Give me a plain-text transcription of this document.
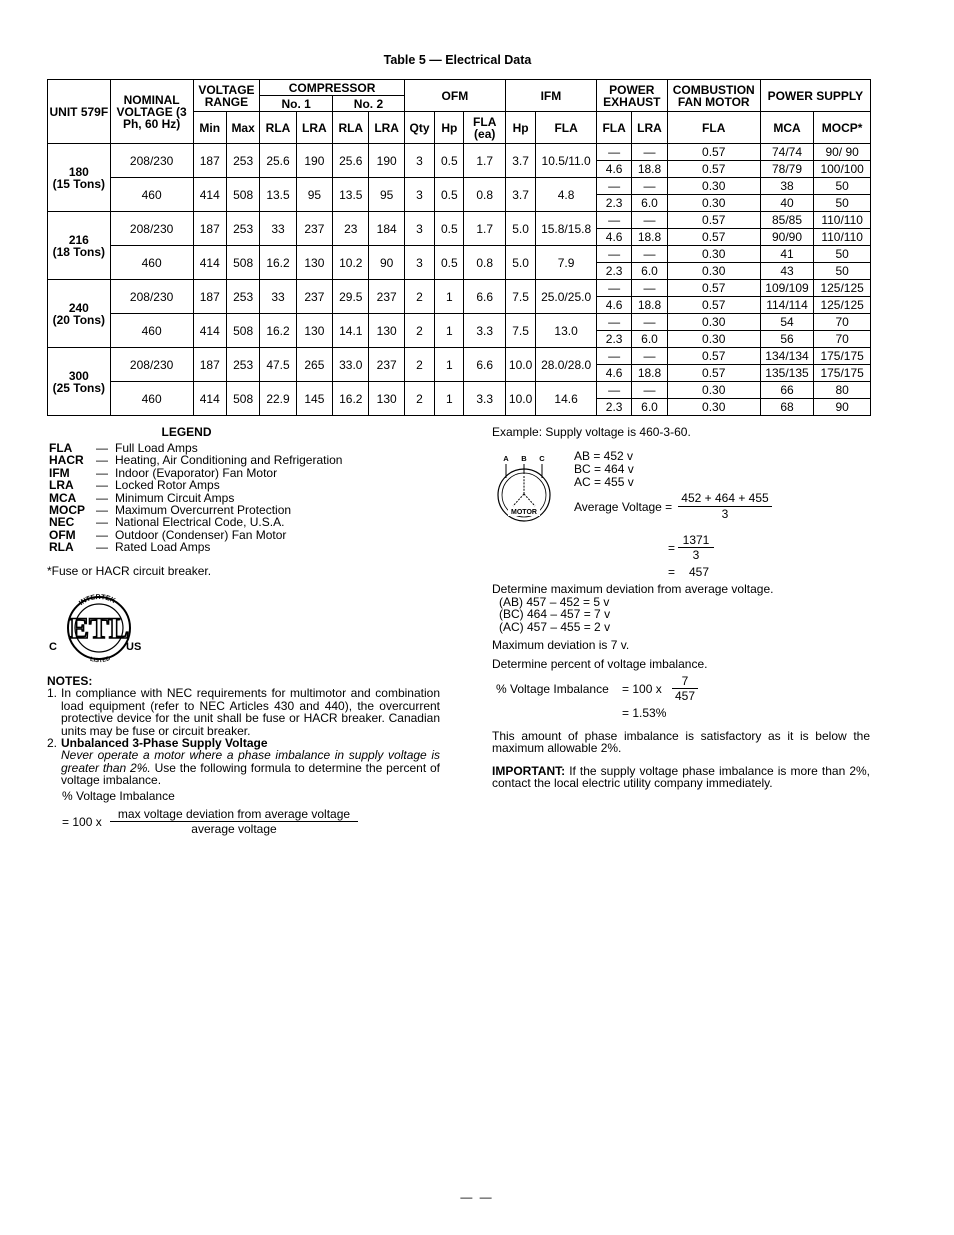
Table 5 — Electrical Data
UNIT 579F	NOMINAL VOLTAGE (3 Ph, 60 Hz)	VOLTAGE RANGE		COMPRESSOR				OFM			IFM		POWER EXHAUST		COMBUSTION FAN MOTOR	POWER SUPPLY	
				No. 1		No. 2											
		Min	Max	RLA	LRA	RLA	LRA	Qty	Hp	FLA (ea)	Hp	FLA	FLA	LRA	FLA	MCA	MOCP*

180
(15 Tons)	208/230	187	253	25.6	190	25.6	190	3	0.5	1.7	3.7	10.5/11.0	—	—	0.57	74/74	90/ 90
													4.6	18.8	0.57	78/79	100/100
	460	414	508	13.5	95	13.5	95	3	0.5	0.8	3.7	4.8	—	—	0.30	38	50
													2.3	6.0	0.30	40	50

216
(18 Tons)	208/230	187	253	33	237	23	184	3	0.5	1.7	5.0	15.8/15.8	—	—	0.57	85/85	110/110
													4.6	18.8	0.57	90/90	110/110
	460	414	508	16.2	130	10.2	90	3	0.5	0.8	5.0	7.9	—	—	0.30	41	50
													2.3	6.0	0.30	43	50

240
(20 Tons)	208/230	187	253	33	237	29.5	237	2	1	6.6	7.5	25.0/25.0	—	—	0.57	109/109	125/125
													4.6	18.8	0.57	114/114	125/125
	460	414	508	16.2	130	14.1	130	2	1	3.3	7.5	13.0	—	—	0.30	54	70
													2.3	6.0	0.30	56	70

300
(25 Tons)	208/230	187	253	47.5	265	33.0	237	2	1	6.6	10.0	28.0/28.0	—	—	0.57	134/134	175/175
													4.6	18.8	0.57	135/135	175/175
	460	414	508	22.9	145	16.2	130	2	1	3.3	10.0	14.6	—	—	0.30	66	80
													2.3	6.0	0.30	68	90
LEGEND
FLA — Full Load Amps
HACR — Heating, Air Conditioning and Refrigeration
IFM — Indoor (Evaporator) Fan Motor
LRA — Locked Rotor Amps
MCA — Minimum Circuit Amps
MOCP — Maximum Overcurrent Protection
NEC — National Electrical Code, U.S.A.
OFM — Outdoor (Condenser) Fan Motor
RLA — Rated Load Amps
*Fuse or HACR circuit breaker.
INTERTEK
LISTED
ETL
C	US
NOTES:
1. In compliance with NEC requirements for multimotor and combination load equipment (refer to NEC Articles 430 and 440), the overcurrent protective device for the unit shall be fuse or HACR breaker. Canadian units may be fuse or circuit breaker.
2. Unbalanced 3-Phase Supply Voltage
Never operate a motor where a phase imbalance in supply voltage is greater than 2%. Use the following formula to determine the percent of voltage imbalance.
% Voltage Imbalance
= 100 x
max voltage deviation from average voltage
average voltage
Example: Supply voltage is 460-3-60.
A B C
MOTOR
AB = 452 v
BC = 464 v
AC = 455 v
Average Voltage =
452 + 464 + 455
3
=
1371
3
= 457
Determine maximum deviation from average voltage.
(AB) 457 – 452 = 5 v
(BC) 464 – 457 = 7 v
(AC) 457 – 455 = 2 v
Maximum deviation is 7 v.
Determine percent of voltage imbalance.
% Voltage Imbalance = 100 x
7
457
= 1.53%
This amount of phase imbalance is satisfactory as it is below the maximum allowable 2%.
IMPORTANT: If the supply voltage phase imbalance is more than 2%, contact the local electric utility company immediately.
— —
